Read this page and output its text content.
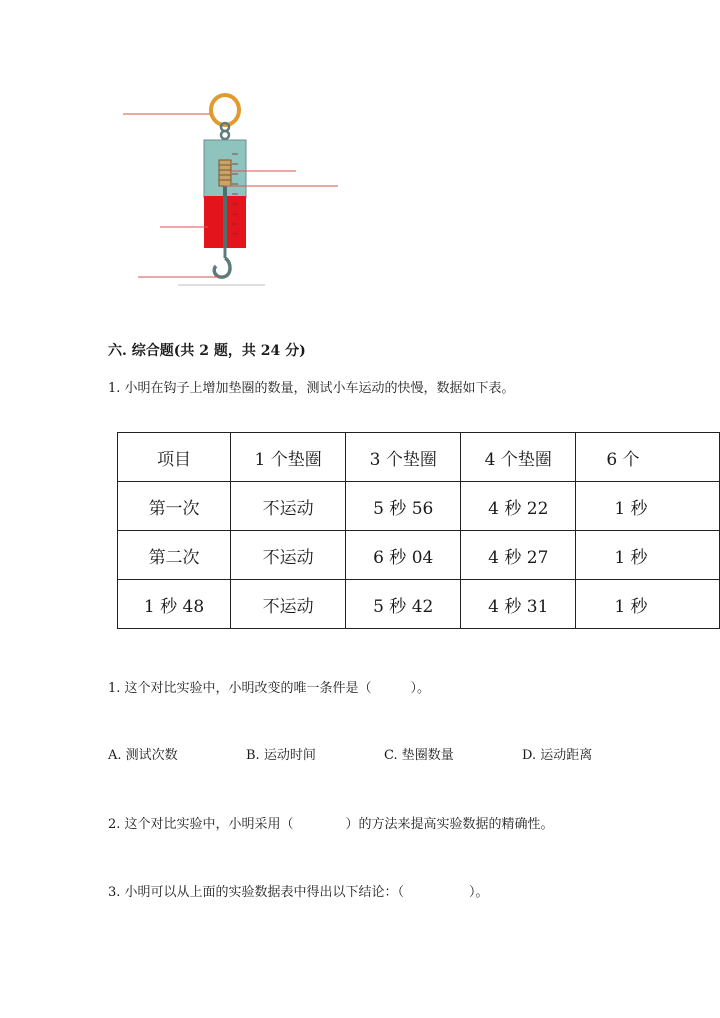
六. 综合题(共 2 题，共 24 分)
1. 小明在钩子上增加垫圈的数量，测试小车运动的快慢，数据如下表。
项目	1 个垫圈	3 个垫圈	4 个垫圈	6 个
第一次	不运动	5 秒 56	4 秒 22	1 秒
第二次	不运动	6 秒 04	4 秒 27	1 秒
1 秒 48	不运动	5 秒 42	4 秒 31	1 秒
1. 这个对比实验中，小明改变的唯一条件是（　　　）。
A. 测试次数	B. 运动时间	C. 垫圈数量	D. 运动距离
2. 这个对比实验中，小明采用（　　　　）的方法来提高实验数据的精确性。
3. 小明可以从上面的实验数据表中得出以下结论：（　　　　　）。
